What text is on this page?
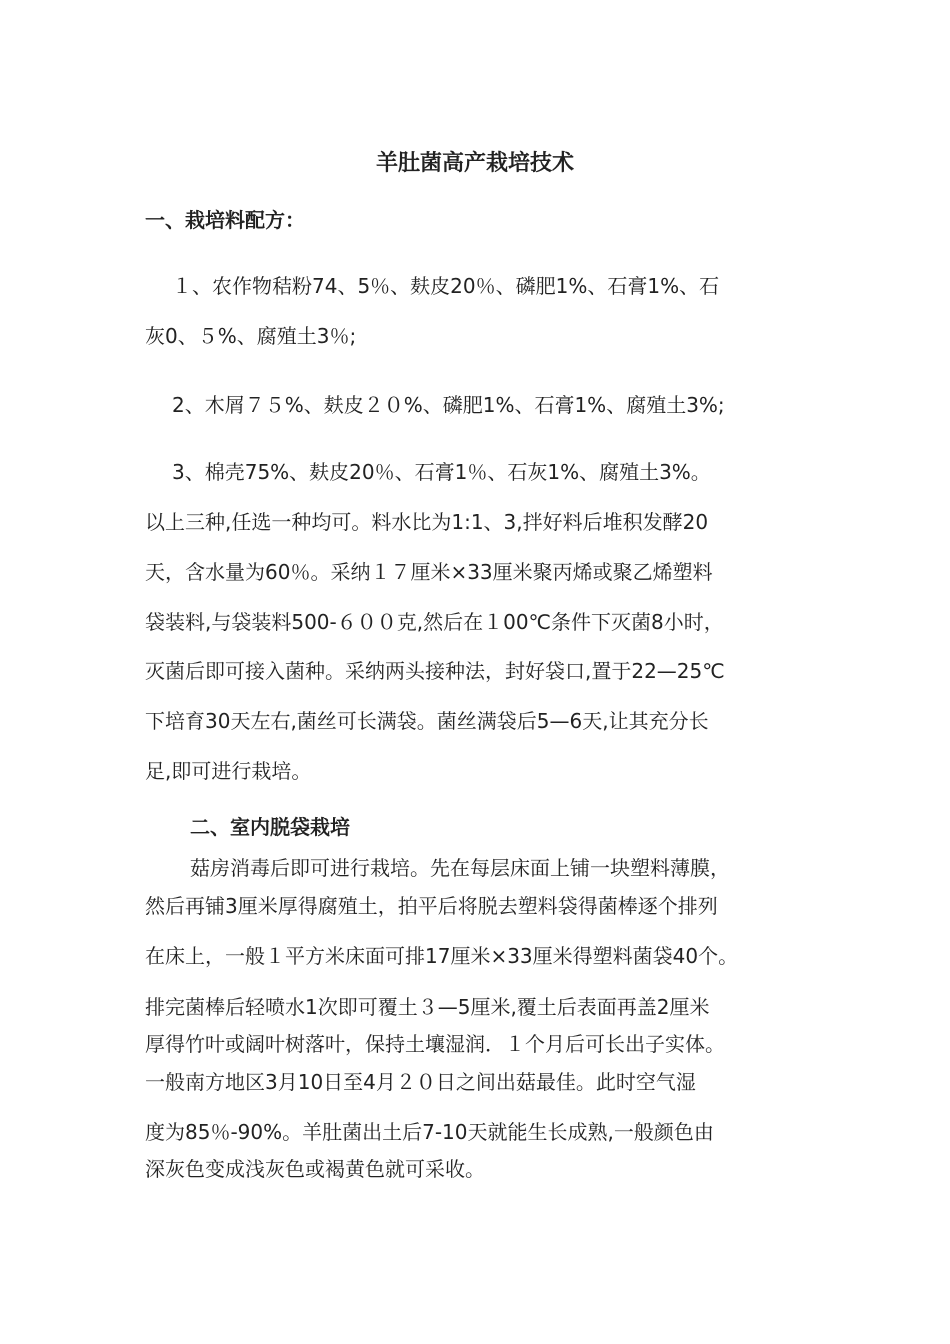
羊肚菌高产栽培技术

一、栽培料配方：

１、农作物秸粉74、5％、麸皮20％、磷肥1%、石膏1%、石

灰0、５%、腐殖土3％;

2、木屑７５%、麸皮２０%、磷肥1%、石膏1%、腐殖土3%;

3、棉壳75%、麸皮20％、石膏1％、石灰1%、腐殖土3%。

以上三种,任选一种均可。料水比为1:1、3,拌好料后堆积发酵20

天，含水量为60％。采纳１７厘米×33厘米聚丙烯或聚乙烯塑料

袋装料,与袋装料500-６００克,然后在１00℃条件下灭菌8小时，

灭菌后即可接入菌种。采纳两头接种法，封好袋口,置于22—25℃

下培育30天左右,菌丝可长满袋。菌丝满袋后5—6天,让其充分长

足,即可进行栽培。

二、室内脱袋栽培

菇房消毒后即可进行栽培。先在每层床面上铺一块塑料薄膜，

然后再铺3厘米厚得腐殖土，拍平后将脱去塑料袋得菌棒逐个排列

在床上，一般１平方米床面可排17厘米×33厘米得塑料菌袋40个。

排完菌棒后轻喷水1次即可覆土３—5厘米,覆土后表面再盖2厘米

厚得竹叶或阔叶树落叶，保持土壤湿润．１个月后可长出子实体。

一般南方地区3月10日至4月２０日之间出菇最佳。此时空气湿

度为85％-90%。羊肚菌出土后7-10天就能生长成熟,一般颜色由

深灰色变成浅灰色或褐黄色就可采收。
